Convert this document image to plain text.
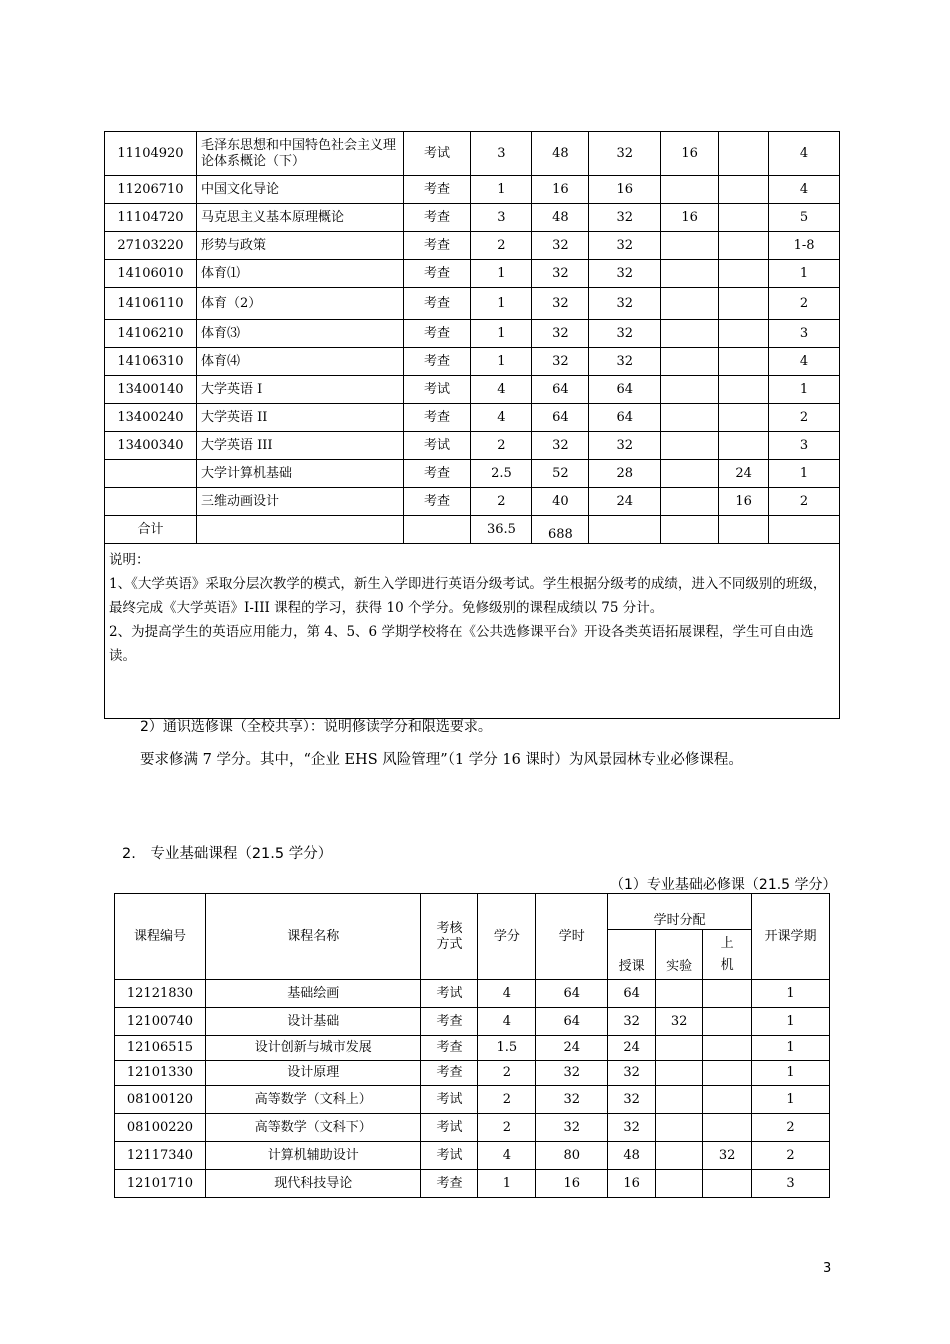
11104920	毛泽东思想和中国特色社会主义理论体系概论（下）	考试	3	48	32	16		4
11206710	中国文化导论	考查	1	16	16			4
11104720	马克思主义基本原理概论	考查	3	48	32	16		5
27103220	形势与政策	考查	2	32	32			1-8
14106010	体育⑴	考查	1	32	32			1
14106110	体育（2）	考查	1	32	32			2
14106210	体育⑶	考查	1	32	32			3
14106310	体育⑷	考查	1	32	32			4
13400140	大学英语 I	考试	4	64	64			1
13400240	大学英语 II	考查	4	64	64			2
13400340	大学英语 III	考试	2	32	32			3
	大学计算机基础	考查	2.5	52	28		24	1
	三维动画设计	考查	2	40	24		16	2
合计			36.5	688				

说明：
1、《大学英语》采取分层次教学的模式，新生入学即进行英语分级考试。学生根据分级考的成绩，进入不同级别的班级，最终完成《大学英语》I-III 课程的学习，获得 10 个学分。免修级别的课程成绩以 75 分计。
2、为提高学生的英语应用能力，第 4、5、6 学期学校将在《公共选修课平台》开设各类英语拓展课程，学生可自由选读。								
2）通识选修课（全校共享）：说明修读学分和限选要求。
要求修满 7 学分。其中，“企业 EHS 风险管理”（1 学分 16 课时）为风景园林专业必修课程。
2.　专业基础课程（21.5 学分）
（1）专业基础必修课（21.5 学分）
课程编号	课程名称	考核方式	学分	学时	学时分配			开课学期
					授课	实验	上机	
12121830	基础绘画	考试	4	64	64			1
12100740	设计基础	考查	4	64	32	32		1
12106515	设计创新与城市发展	考查	1.5	24	24			1
12101330	设计原理	考查	2	32	32			1
08100120	高等数学（文科上）	考试	2	32	32			1
08100220	高等数学（文科下）	考试	2	32	32			2
12117340	计算机辅助设计	考试	4	80	48		32	2
12101710	现代科技导论	考查	1	16	16			3
3
